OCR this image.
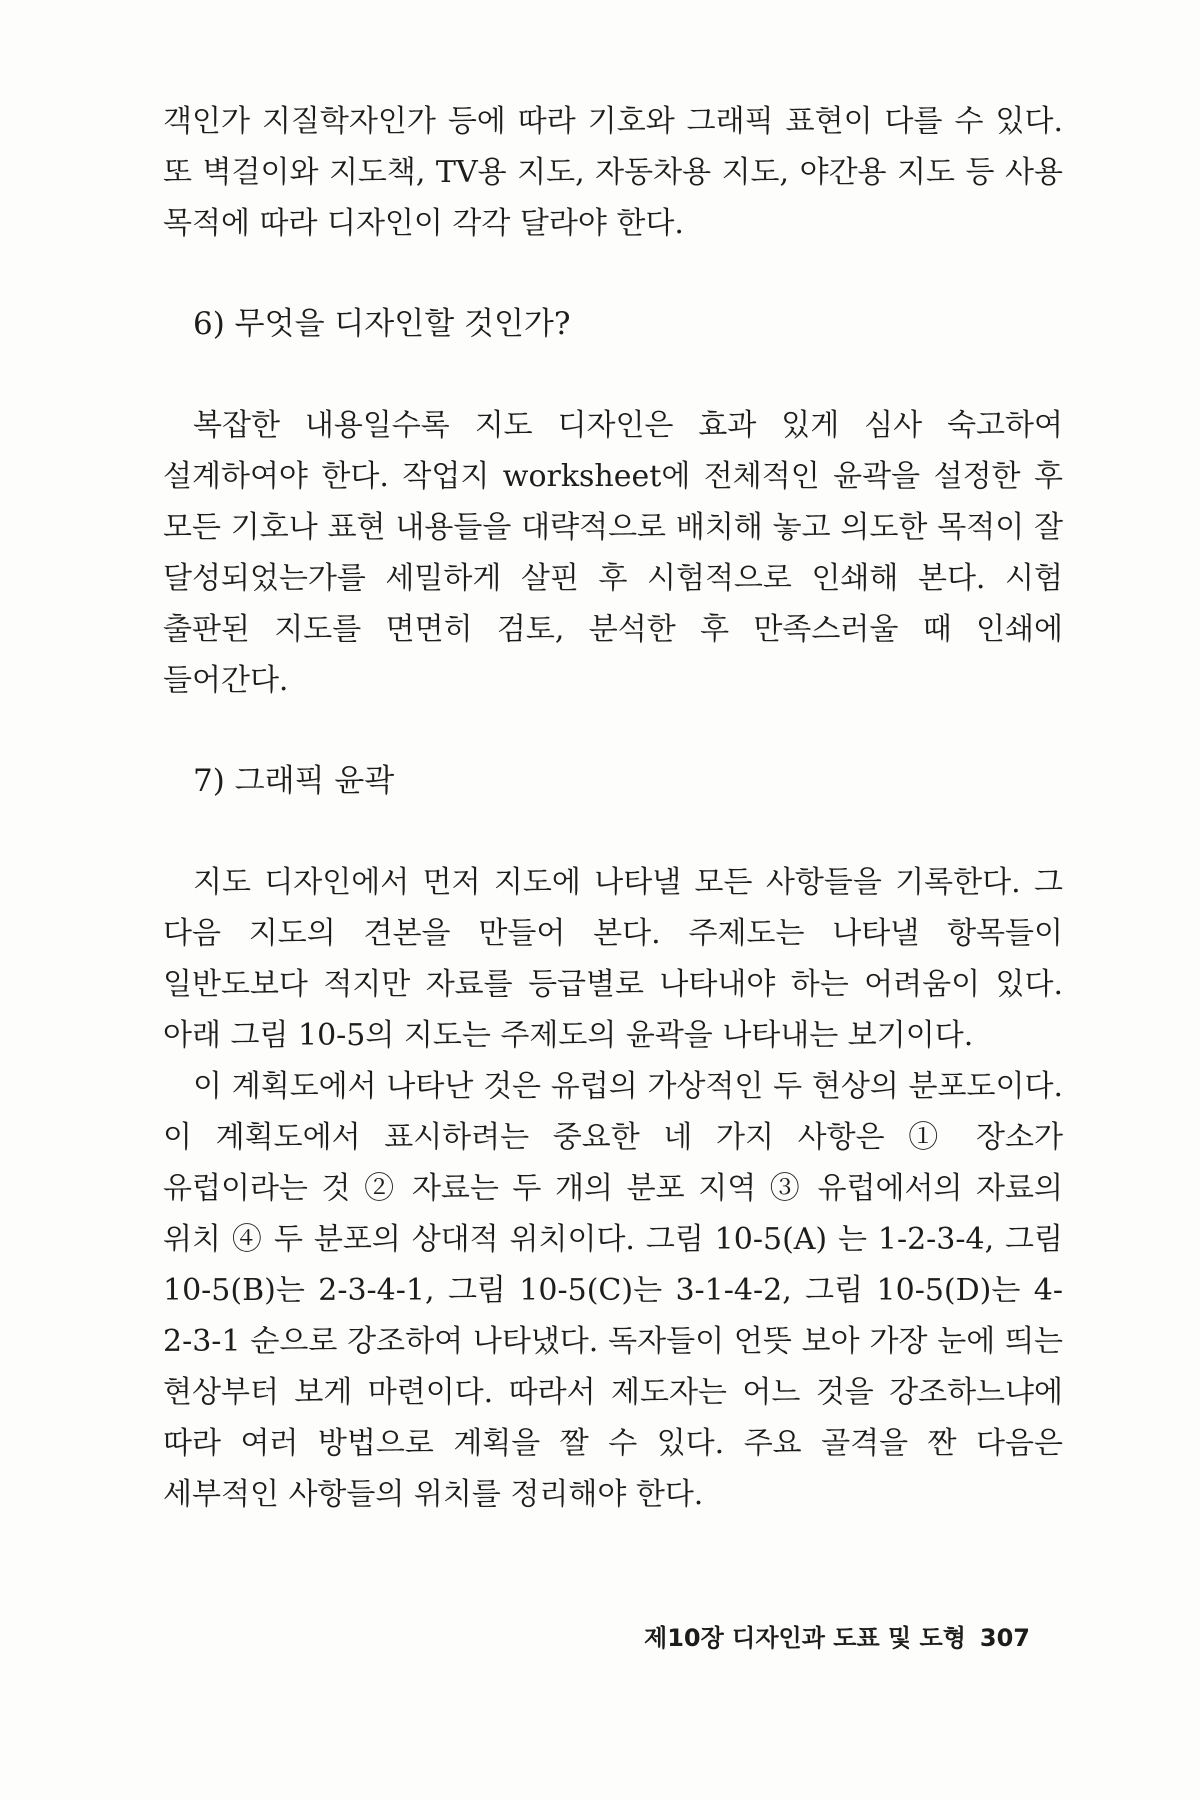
객인가 지질학자인가 등에 따라 기호와 그래픽 표현이 다를 수 있다. 또 벽걸이와 지도책, TV용 지도, 자동차용 지도, 야간용 지도 등 사용 목적에 따라 디자인이 각각 달라야 한다.

6) 무엇을 디자인할 것인가?

복잡한 내용일수록 지도 디자인은 효과 있게 심사 숙고하여 설계하여야 한다. 작업지 worksheet에 전체적인 윤곽을 설정한 후 모든 기호나 표현 내용들을 대략적으로 배치해 놓고 의도한 목적이 잘 달성되었는가를 세밀하게 살핀 후 시험적으로 인쇄해 본다. 시험 출판된 지도를 면면히 검토, 분석한 후 만족스러울 때 인쇄에 들어간다.

7) 그래픽 윤곽

지도 디자인에서 먼저 지도에 나타낼 모든 사항들을 기록한다. 그 다음 지도의 견본을 만들어 본다. 주제도는 나타낼 항목들이 일반도보다 적지만 자료를 등급별로 나타내야 하는 어려움이 있다. 아래 그림 10-5의 지도는 주제도의 윤곽을 나타내는 보기이다.

이 계획도에서 나타난 것은 유럽의 가상적인 두 현상의 분포도이다. 이 계획도에서 표시하려는 중요한 네 가지 사항은 ① 장소가 유럽이라는 것 ② 자료는 두 개의 분포 지역 ③ 유럽에서의 자료의 위치 ④ 두 분포의 상대적 위치이다. 그림 10-5(A) 는 1-2-3-4, 그림 10-5(B)는 2-3-4-1, 그림 10-5(C)는 3-1-4-2, 그림 10-5(D)는 4-2-3-1 순으로 강조하여 나타냈다. 독자들이 언뜻 보아 가장 눈에 띄는 현상부터 보게 마련이다. 따라서 제도자는 어느 것을 강조하느냐에 따라 여러 방법으로 계획을 짤 수 있다. 주요 골격을 짠 다음은 세부적인 사항들의 위치를 정리해야 한다.

제10장 디자인과 도표 및 도형 307
